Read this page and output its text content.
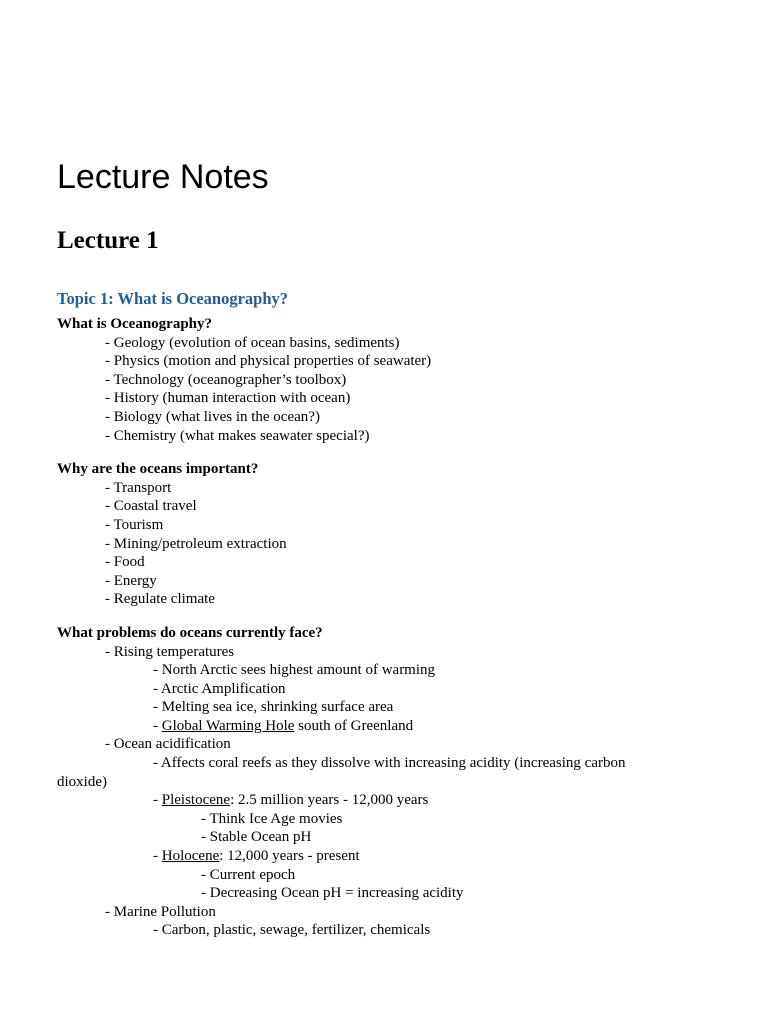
Lecture Notes
Lecture 1
Topic 1: What is Oceanography?
What is Oceanography?
- Geology (evolution of ocean basins, sediments)
- Physics (motion and physical properties of seawater)
- Technology (oceanographer’s toolbox)
- History (human interaction with ocean)
- Biology (what lives in the ocean?)
- Chemistry (what makes seawater special?)
Why are the oceans important?
- Transport
- Coastal travel
- Tourism
- Mining/petroleum extraction
- Food
- Energy
- Regulate climate
What problems do oceans currently face?
- Rising temperatures
- North Arctic sees highest amount of warming
- Arctic Amplification
- Melting sea ice, shrinking surface area
- Global Warming Hole south of Greenland
- Ocean acidification
- Affects coral reefs as they dissolve with increasing acidity (increasing carbon
dioxide)
- Pleistocene: 2.5 million years - 12,000 years
- Think Ice Age movies
- Stable Ocean pH
- Holocene: 12,000 years - present
- Current epoch
- Decreasing Ocean pH = increasing acidity
- Marine Pollution
- Carbon, plastic, sewage, fertilizer, chemicals
